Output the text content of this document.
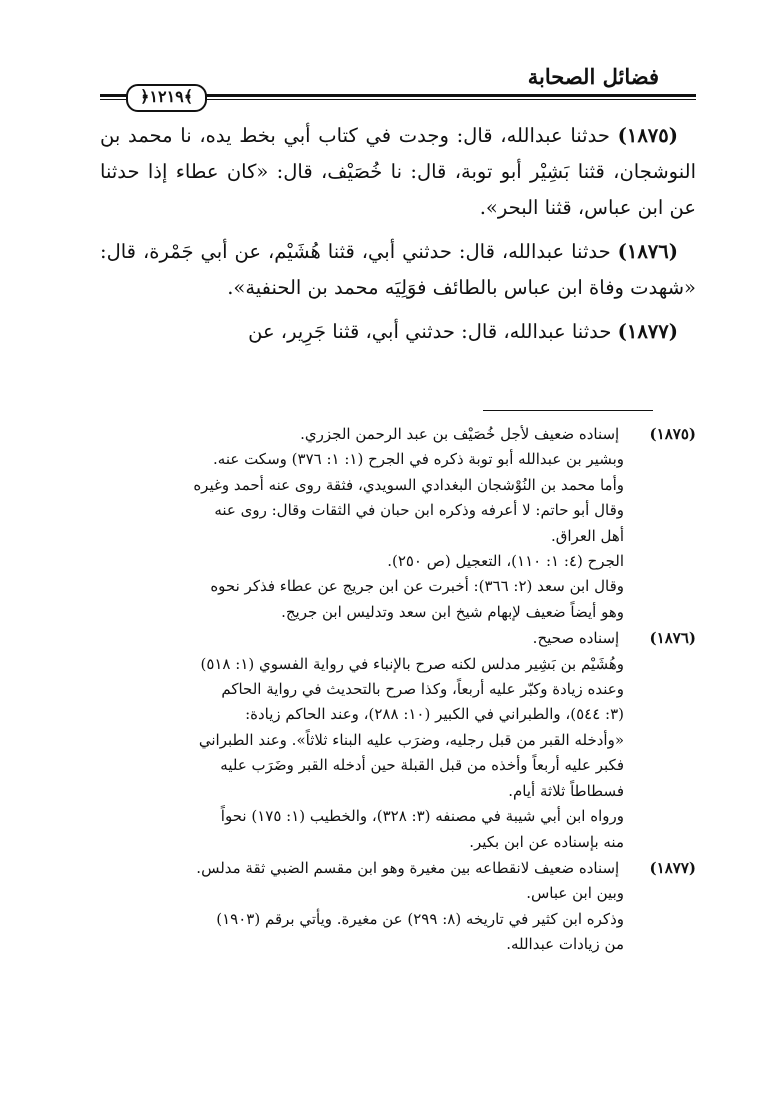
فضائل الصحابة
﴿١٢١٩﴾

(١٨٧٥) حدثنا عبدالله، قال: وجدت في كتاب أبي بخط يده، نا محمد بن النوشجان، قثنا بَشِيْر أبو توبة، قال: نا خُصَيْف، قال: «كان عطاء إذا حدثنا عن ابن عباس، قثنا البحر».

(١٨٧٦) حدثنا عبدالله، قال: حدثني أبي، قثنا هُشَيْم، عن أبي جَمْرة، قال: «شهدت وفاة ابن عباس بالطائف فوَلِيَه محمد بن الحنفية».

(١٨٧٧) حدثنا عبدالله، قال: حدثني أبي، قثنا جَرِير، عن

(١٨٧٥) إسناده ضعيف لأجل خُصَيْف بن عبد الرحمن الجزري.
وبشير بن عبدالله أبو توبة ذكره في الجرح (١: ١: ٣٧٦) وسكت عنه.
وأما محمد بن النُوْشجان البغدادي السويدي، فثقة روى عنه أحمد وغيره
وقال أبو حاتم: لا أعرفه وذكره ابن حبان في الثقات وقال: روى عنه
أهل العراق.
الجرح (٤: ١: ١١٠)، التعجيل (ص ٢٥٠).
وقال ابن سعد (٢: ٣٦٦): أخبرت عن ابن جريج عن عطاء فذكر نحوه
وهو أيضاً ضعيف لإبهام شيخ ابن سعد وتدليس ابن جريج.
(١٨٧٦) إسناده صحيح.
وهُشَيْم بن بَشِير مدلس لكنه صرح بالإنباء في رواية الفسوي (١: ٥١٨)
وعنده زيادة وكبّر عليه أربعاً، وكذا صرح بالتحديث في رواية الحاكم
(٣: ٥٤٤)، والطبراني في الكبير (١٠: ٢٨٨)، وعند الحاكم زيادة:
«وأدخله القبر من قبل رجليه، وضرَب عليه البناء ثلاثاً». وعند الطبراني
فكبر عليه أربعاً وأخذه من قبل القبلة حين أدخله القبر وضَرَب عليه
فسطاطاً ثلاثة أيام.
ورواه ابن أبي شيبة في مصنفه (٣: ٣٢٨)، والخطيب (١: ١٧٥) نحواً
منه بإسناده عن ابن بكير.
(١٨٧٧) إسناده ضعيف لانقطاعه بين مغيرة وهو ابن مقسم الضبي ثقة مدلس.
وبين ابن عباس.
وذكره ابن كثير في تاريخه (٨: ٢٩٩) عن مغيرة. ويأتي برقم (١٩٠٣)
من زيادات عبدالله.
